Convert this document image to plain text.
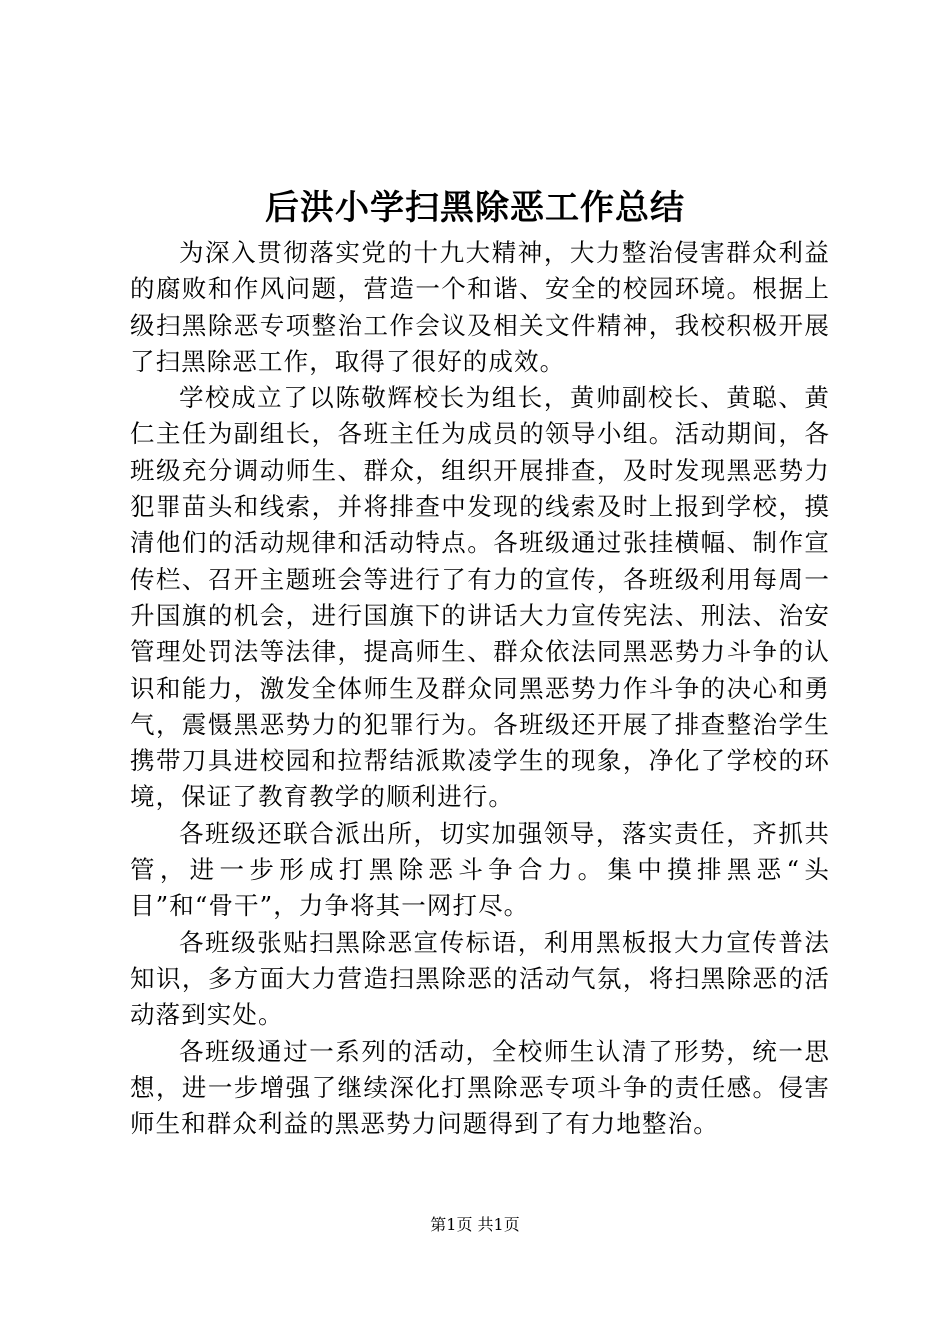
后洪小学扫黑除恶工作总结

为深入贯彻落实党的十九大精神，大力整治侵害群众利益的腐败和作风问题，营造一个和谐、安全的校园环境。根据上级扫黑除恶专项整治工作会议及相关文件精神，我校积极开展了扫黑除恶工作，取得了很好的成效。

学校成立了以陈敬辉校长为组长，黄帅副校长、黄聪、黄仁主任为副组长，各班主任为成员的领导小组。活动期间，各班级充分调动师生、群众，组织开展排查，及时发现黑恶势力犯罪苗头和线索，并将排查中发现的线索及时上报到学校，摸清他们的活动规律和活动特点。各班级通过张挂横幅、制作宣传栏、召开主题班会等进行了有力的宣传，各班级利用每周一升国旗的机会，进行国旗下的讲话大力宣传宪法、刑法、治安管理处罚法等法律，提高师生、群众依法同黑恶势力斗争的认识和能力，激发全体师生及群众同黑恶势力作斗争的决心和勇气，震慑黑恶势力的犯罪行为。各班级还开展了排查整治学生携带刀具进校园和拉帮结派欺凌学生的现象，净化了学校的环境，保证了教育教学的顺利进行。

各班级还联合派出所，切实加强领导，落实责任，齐抓共管，进一步形成打黑除恶斗争合力。集中摸排黑恶“头目”和“骨干”，力争将其一网打尽。

各班级张贴扫黑除恶宣传标语，利用黑板报大力宣传普法知识，多方面大力营造扫黑除恶的活动气氛，将扫黑除恶的活动落到实处。

各班级通过一系列的活动，全校师生认清了形势，统一思想，进一步增强了继续深化打黑除恶专项斗争的责任感。侵害师生和群众利益的黑恶势力问题得到了有力地整治。

第1页 共1页
